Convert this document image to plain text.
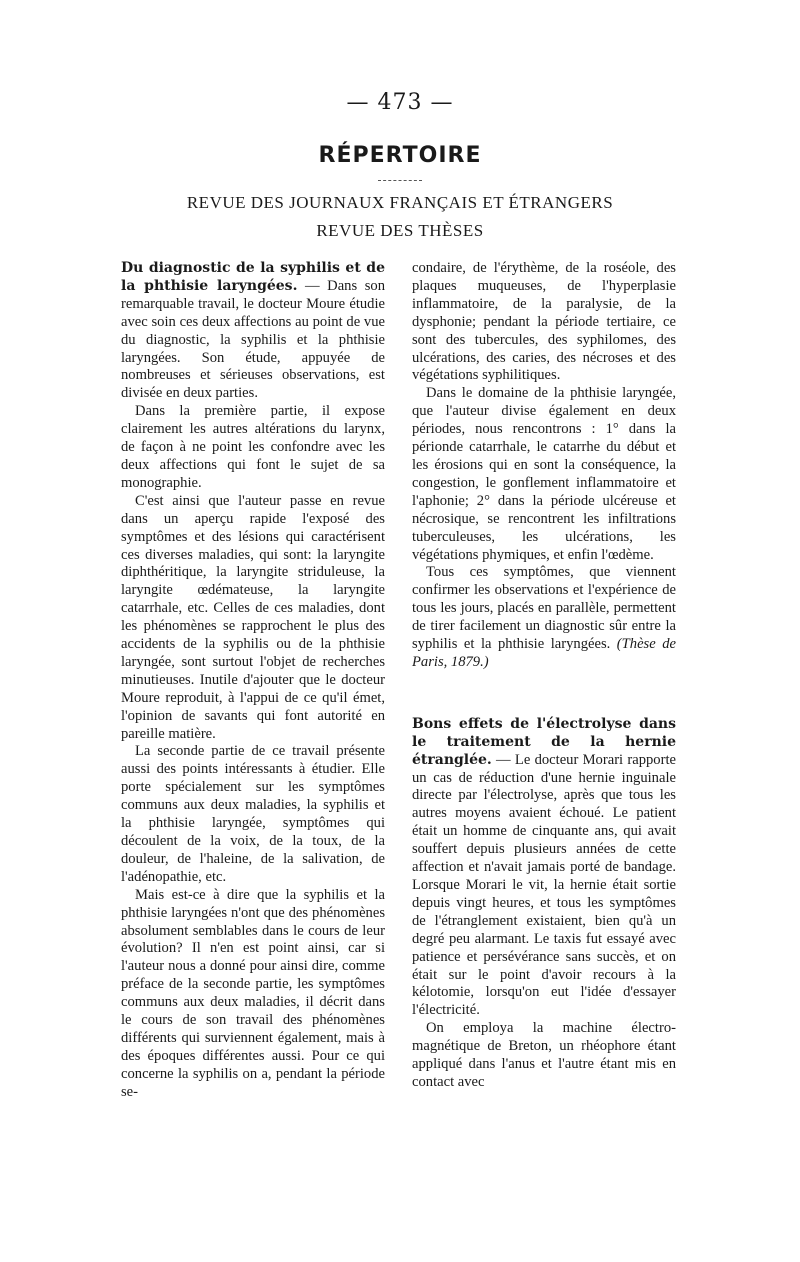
— 473 —
RÉPERTOIRE
REVUE DES JOURNAUX FRANÇAIS ET ÉTRANGERS
REVUE DES THÈSES

Du diagnostic de la syphilis et de la phthisie laryngées. — Dans son remarquable travail, le docteur Moure étudie avec soin ces deux affections au point de vue du diagnostic, la syphilis et la phthisie laryngées. Son étude, appuyée de nombreuses et sérieuses observations, est divisée en deux parties.

Dans la première partie, il expose clairement les autres altérations du larynx, de façon à ne point les confondre avec les deux affections qui font le sujet de sa monographie.

C'est ainsi que l'auteur passe en revue dans un aperçu rapide l'exposé des symptômes et des lésions qui caractérisent ces diverses maladies, qui sont: la laryngite diphthéritique, la laryngite striduleuse, la laryngite œdémateuse, la laryngite catarrhale, etc. Celles de ces maladies, dont les phénomènes se rapprochent le plus des accidents de la syphilis ou de la phthisie laryngée, sont surtout l'objet de recherches minutieuses. Inutile d'ajouter que le docteur Moure reproduit, à l'appui de ce qu'il émet, l'opinion de savants qui font autorité en pareille matière.

La seconde partie de ce travail présente aussi des points intéressants à étudier. Elle porte spécialement sur les symptômes communs aux deux maladies, la syphilis et la phthisie laryngée, symptômes qui découlent de la voix, de la toux, de la douleur, de l'haleine, de la salivation, de l'adénopathie, etc.

Mais est-ce à dire que la syphilis et la phthisie laryngées n'ont que des phénomènes absolument semblables dans le cours de leur évolution? Il n'en est point ainsi, car si l'auteur nous a donné pour ainsi dire, comme préface de la seconde partie, les symptômes communs aux deux maladies, il décrit dans le cours de son travail des phénomènes différents qui surviennent également, mais à des époques différentes aussi. Pour ce qui concerne la syphilis on a, pendant la période se-

condaire, de l'érythème, de la roséole, des plaques muqueuses, de l'hyperplasie inflammatoire, de la paralysie, de la dysphonie; pendant la période tertiaire, ce sont des tubercules, des syphilomes, des ulcérations, des caries, des nécroses et des végétations syphilitiques.

Dans le domaine de la phthisie laryngée, que l'auteur divise également en deux périodes, nous rencontrons : 1° dans la périonde catarrhale, le catarrhe du début et les érosions qui en sont la conséquence, la congestion, le gonflement inflammatoire et l'aphonie; 2° dans la période ulcéreuse et nécrosique, se rencontrent les infiltrations tuberculeuses, les ulcérations, les végétations phymiques, et enfin l'œdème.

Tous ces symptômes, que viennent confirmer les observations et l'expérience de tous les jours, placés en parallèle, permettent de tirer facilement un diagnostic sûr entre la syphilis et la phthisie laryngées. (Thèse de Paris, 1879.)

Bons effets de l'électrolyse dans le traitement de la hernie étranglée. — Le docteur Morari rapporte un cas de réduction d'une hernie inguinale directe par l'électrolyse, après que tous les autres moyens avaient échoué. Le patient était un homme de cinquante ans, qui avait souffert depuis plusieurs années de cette affection et n'avait jamais porté de bandage. Lorsque Morari le vit, la hernie était sortie depuis vingt heures, et tous les symptômes de l'étranglement existaient, bien qu'à un degré peu alarmant. Le taxis fut essayé avec patience et persévérance sans succès, et on était sur le point d'avoir recours à la kélotomie, lorsqu'on eut l'idée d'essayer l'électricité.

On employa la machine électro-magnétique de Breton, un rhéophore étant appliqué dans l'anus et l'autre étant mis en contact avec
